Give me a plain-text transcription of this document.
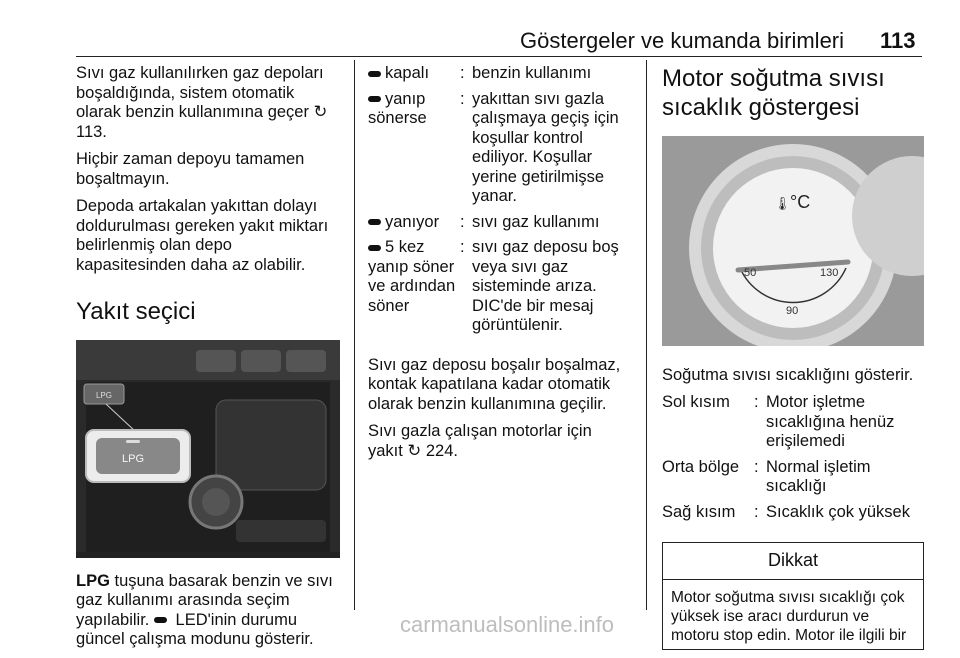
Göstergeler ve kumanda birimleri 113

Sıvı gaz kullanılırken gaz depoları boşaldığında, sistem otomatik olarak benzin kullanımına geçer ↻ 113.

Hiçbir zaman depoyu tamamen boşaltmayın.

Depoda artakalan yakıttan dolayı doldurulması gereken yakıt miktarı belirlenmiş olan depo kapasitesinden daha az olabilir.

Yakıt seçici
LPG
LPG

LPG tuşuna basarak benzin ve sıvı gaz kullanımı arasında seçim yapılabilir.  LED'inin durumu güncel çalışma modunu gösterir.

kapalı	:	benzin kullanımı
yanıp sönerse	:	yakıttan sıvı gazla çalışmaya geçiş için koşullar kontrol ediliyor. Koşullar yerine getirilmişse yanar.
yanıyor	:	sıvı gaz kullanımı
5 kez yanıp söner ve ardından söner	:	sıvı gaz deposu boş veya sıvı gaz sisteminde arıza. DIC'de bir mesaj görüntülenir.

Sıvı gaz deposu boşalır boşalmaz, kontak kapatılana kadar otomatik olarak benzin kullanımına geçilir.

Sıvı gazla çalışan motorlar için yakıt ↻ 224.

Motor soğutma sıvısı sıcaklık göstergesi
🌡 °C
50
90
130

Soğutma sıvısı sıcaklığını gösterir.

Sol kısım	:	Motor işletme sıcaklığına henüz erişilemedi
Orta bölge	:	Normal işletim sıcaklığı
Sağ kısım	:	Sıcaklık çok yüksek
Dikkat
Motor soğutma sıvısı sıcaklığı çok yüksek ise aracı durdurun ve motoru stop edin. Motor ile ilgili bir
carmanualsonline.info
